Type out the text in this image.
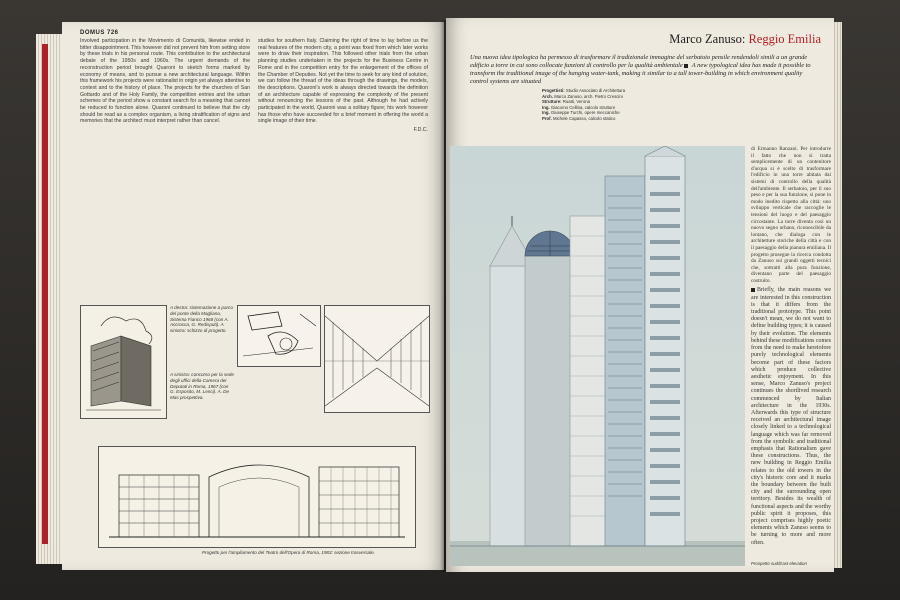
DOMUS 726

Involved participation in the Movimento di Comunità, likewise ended in bitter disappointment. This however did not prevent him from setting store by these trials in his personal route. This contribution to the architectural debate of the 1950s and 1960s. The urgent demands of the reconstruction period brought Quaroni to sketch forms marked by economy of means, and to pursue a new architectural language. Within this framework his projects were rationalist in origin yet always attentive to context and to the history of place. The projects for the churches of San Gottardo and of the Holy Family, the competition entries and the urban schemes of the period show a constant search for a meaning that cannot be reduced to function alone. Quaroni continued to believe that the city should be read as a complex organism, a living stratification of signs and memories that the architect must interpret rather than cancel.

studies for southern Italy. Claiming the right of time to lay before us the real features of the modern city, a point was fixed from which later works were to draw their inspiration. This followed other trials from the urban planning studies undertaken in the projects for the Business Centre in Rome and in the competition entry for the enlargement of the offices of the Chamber of Deputies. Not yet the time to seek for any kind of solution, we can follow the thread of the ideas through the drawings, the models, the descriptions. Quaroni's work is always directed towards the definition of an architecture capable of expressing the complexity of the present without renouncing the lessons of the past. Although he had actively participated in the world, Quaroni was a solitary figure; his work however has those who have succeeded for a brief moment in offering the world a single image of their time.

F.D.C.
A destra: sistemazione a parco del ponte della Magliana, Sistema Fianco 1968 (con A. Accrocca, G. Redisputi). A sinistra: schizzo di progetto.
A sinistra: concorso per la sede degli uffici della Camera dei Deputati in Roma, 1967 (con G. Esposito, M. Lenci). A. De Mas prospettiva.
Progetto per l'ampliamento del Teatro dell'Opera di Roma, 1983: sezione trasversale.
Marco Zanuso: Reggio Emilia
Una nuova idea tipologica ha permesso di trasformare il tradizionale immagine del serbatoio pensile rendendoli simili a un grande edificio a torre in cui sono collocate funzioni di controllo per la qualità ambientale A new typological idea has made it possible to transform the traditional image of the hanging water-tank, making it similar to a tall tower-building in which environment quality control systems are situated
Progettisti: Studio Associato di Architettura
Arch. Marco Zanuso, arch. Pietro Crescini
Strutture: Ruatti, Verona
Ing. Giacomo Cellina, calcolo strutture
Ing. Giuseppe Turchi, opere meccaniche
Prof. Michele Capasso, calcolo statico

di Ermanno Ranzani. Per introdurre il fatto che non si tratta semplicemente di un contenitore d'acqua si è scelto di trasformare l'edificio in una torre abitata dai sistemi di controllo della qualità dell'ambiente. Il serbatoio, per il suo peso e per la sua funzione, si pone in modo inedito rispetto alla città: uno sviluppo verticale che raccoglie le tensioni del luogo e del paesaggio circostante. La torre diventa così un nuovo segno urbano, riconoscibile da lontano, che dialoga con le architetture storiche della città e con il paesaggio della pianura emiliana. Il progetto prosegue la ricerca condotta da Zanuso sui grandi oggetti tecnici che, sottratti alla pura funzione, diventano parte del paesaggio costruito.

Briefly, the main reasons we are interested in this construction is that it differs from the traditional prototype. This point doesn't mean, we do not want to define building types; it is caused by their evolution. The elements behind these modifications comes from the need to make heretofore purely technological elements become part of these factors which produce collective aesthetic enjoyment. In this sense, Marco Zanuso's project continues the shortlived research commenced by Italian architecture in the 1930s. Afterwards this type of structure received an architectural image closely linked to a technological language which was far removed from the symbolic and traditional emphasis that Rationalism gave these constructions. Thus, the new building in Reggio Emilia relates to the old towers in the city's historic core and it marks the boundary between the built city and the surrounding open territory. Besides its wealth of functional aspects and the worthy public spirit it proposes, this project comprises highly poetic elements which Zanuso seems to be turning to more and more often.

Prospetto sud/East elevation
